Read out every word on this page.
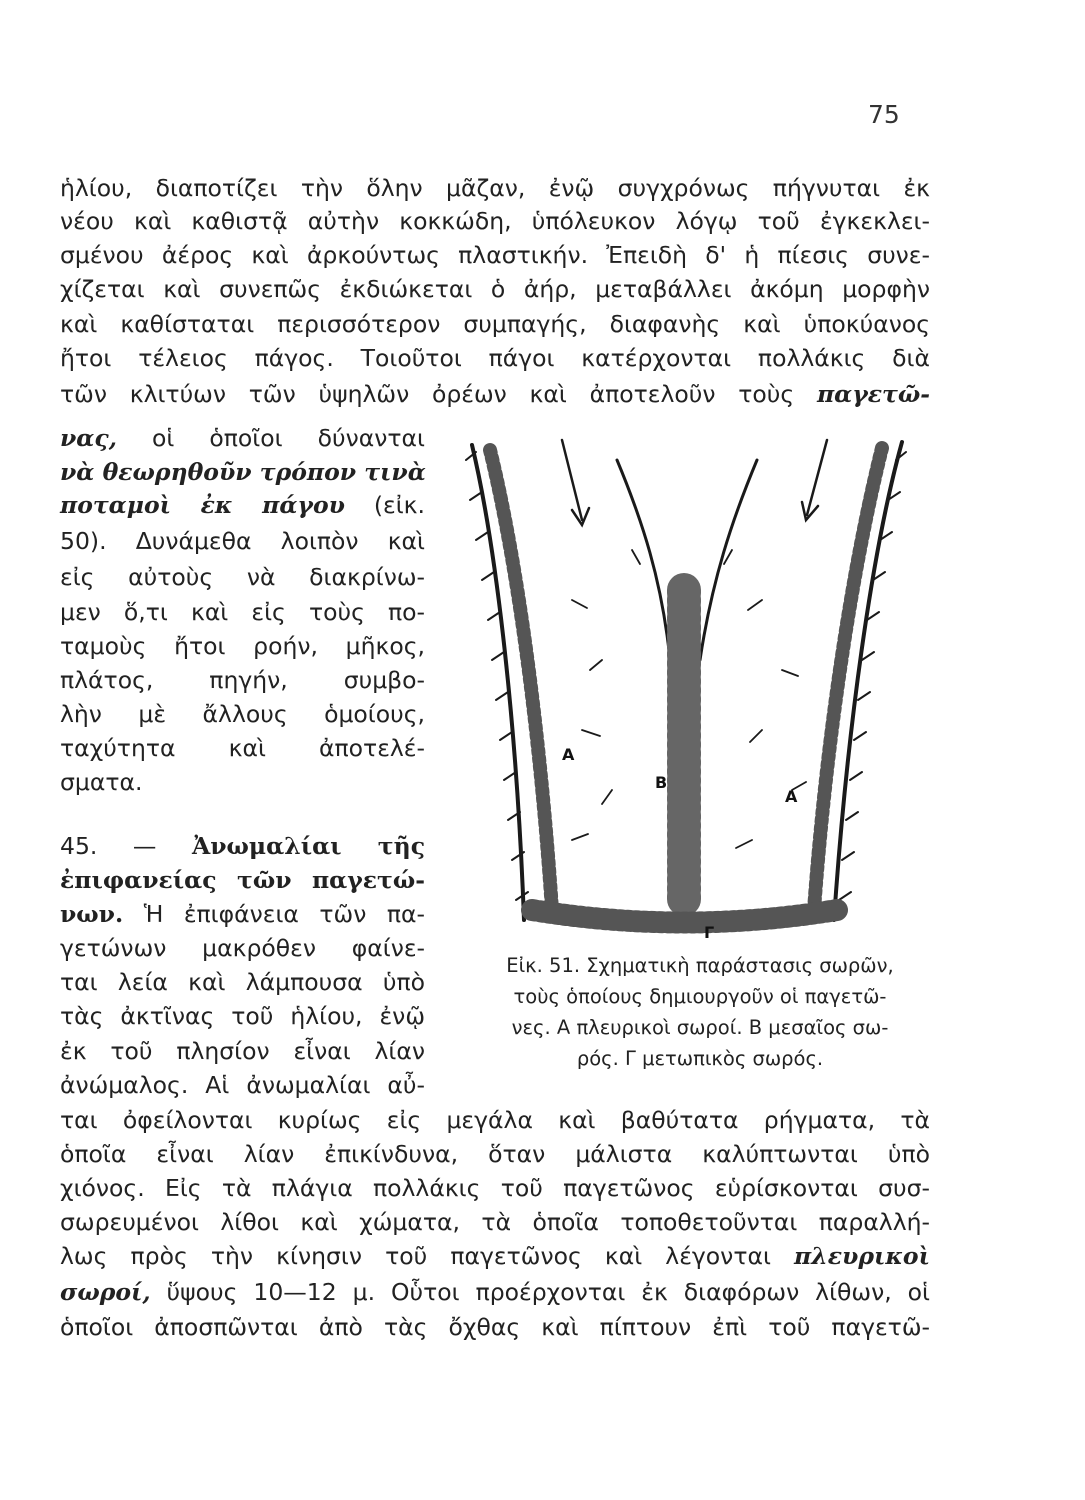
75
ἡλίου, διαποτίζει τὴν ὅλην μᾶζαν, ἐνῷ συγχρόνως πήγνυται ἐκ
νέου καὶ καθιστᾷ αὐτὴν κοκκώδη, ὑπόλευκον λόγῳ τοῦ ἐγκεκλει-
σμένου ἀέρος καὶ ἀρκούντως πλαστικήν. Ἐπειδὴ δ' ἡ πίεσις συνε-
χίζεται καὶ συνεπῶς ἐκδιώκεται ὁ ἀήρ, μεταβάλλει ἀκόμη μορφὴν
καὶ καθίσταται περισσότερον συμπαγής, διαφανὴς καὶ ὑποκύανος
ἤτοι τέλειος πάγος. Τοιοῦτοι πάγοι κατέρχονται πολλάκις διὰ
τῶν κλιτύων τῶν ὑψηλῶν ὀρέων καὶ ἀποτελοῦν τοὺς παγετῶ-
νας, οἱ ὁποῖοι δύνανται
νὰ θεωρηθοῦν τρόπον τινὰ
ποταμοὶ ἐκ πάγου (εἰκ.
50). Δυνάμεθα λοιπὸν καὶ
εἰς αὐτοὺς νὰ διακρίνω-
μεν ὅ,τι καὶ εἰς τοὺς πο-
ταμοὺς ἤτοι ροήν, μῆκος,
πλάτος, πηγήν, συμβο-
λὴν μὲ ἄλλους ὁμοίους,
ταχύτητα καὶ ἀποτελέ-
σματα.
45. — Ἀνωμαλίαι τῆς
ἐπιφανείας τῶν παγετώ-
νων. Ἡ ἐπιφάνεια τῶν πα-
γετώνων μακρόθεν φαίνε-
ται λεία καὶ λάμπουσα ὑπὸ
τὰς ἀκτῖνας τοῦ ἡλίου, ἐνῷ
ἐκ τοῦ πλησίον εἶναι λίαν
ἀνώμαλος. Αἱ ἀνωμαλίαι αὖ-
ται ὀφείλονται κυρίως εἰς μεγάλα καὶ βαθύτατα ρήγματα, τὰ
ὁποῖα εἶναι λίαν ἐπικίνδυνα, ὅταν μάλιστα καλύπτωνται ὑπὸ
χιόνος. Εἰς τὰ πλάγια πολλάκις τοῦ παγετῶνος εὑρίσκονται συσ-
σωρευμένοι λίθοι καὶ χώματα, τὰ ὁποῖα τοποθετοῦνται παραλλή-
λως πρὸς τὴν κίνησιν τοῦ παγετῶνος καὶ λέγονται πλευρικοὶ
σωροί, ὕψους 10—12 μ. Οὗτοι προέρχονται ἐκ διαφόρων λίθων, οἱ
ὁποῖοι ἀποσπῶνται ἀπὸ τὰς ὄχθας καὶ πίπτουν ἐπὶ τοῦ παγετῶ-
A
B
A
Γ
Εἰκ. 51. Σχηματικὴ παράστασις σωρῶν,
τοὺς ὁποίους δημιουργοῦν οἱ παγετῶ-
νες. Α πλευρικοὶ σωροί. Β μεσαῖος σω-
ρός. Γ μετωπικὸς σωρός.
